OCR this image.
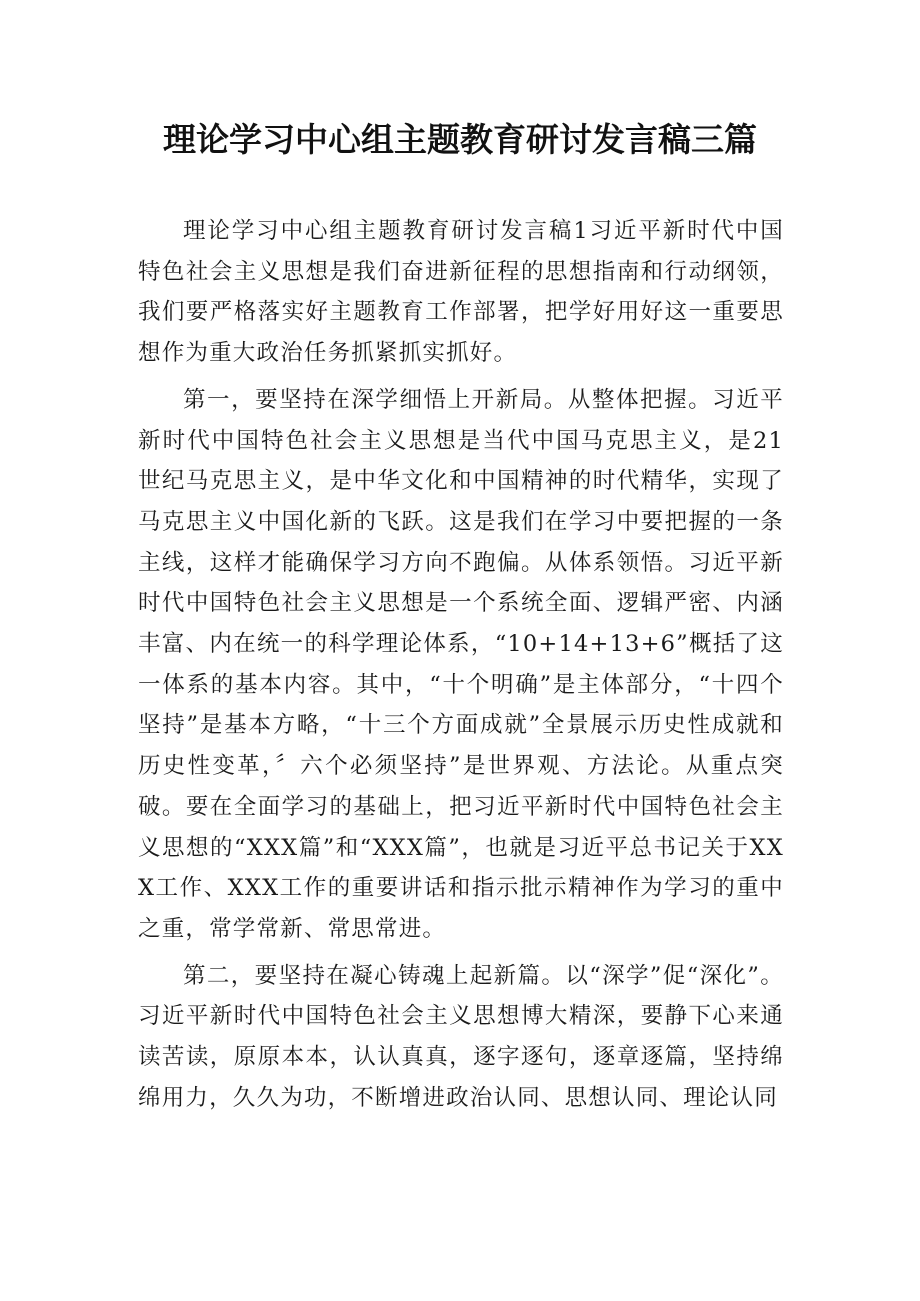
理论学习中心组主题教育研讨发言稿三篇

理论学习中心组主题教育研讨发言稿1习近平新时代中国特色社会主义思想是我们奋进新征程的思想指南和行动纲领，我们要严格落实好主题教育工作部署，把学好用好这一重要思想作为重大政治任务抓紧抓实抓好。

第一，要坚持在深学细悟上开新局。从整体把握。习近平新时代中国特色社会主义思想是当代中国马克思主义，是21世纪马克思主义，是中华文化和中国精神的时代精华，实现了马克思主义中国化新的飞跃。这是我们在学习中要把握的一条主线，这样才能确保学习方向不跑偏。从体系领悟。习近平新时代中国特色社会主义思想是一个系统全面、逻辑严密、内涵丰富、内在统一的科学理论体系，“10+14+13+6”概括了这一体系的基本内容。其中，“十个明确”是主体部分，“十四个坚持”是基本方略，“十三个方面成就”全景展示历史性成就和历史性变革，〞六个必须坚持”是世界观、方法论。从重点突破。要在全面学习的基础上，把习近平新时代中国特色社会主义思想的“XXX篇”和“XXX篇”，也就是习近平总书记关于XXX工作、XXX工作的重要讲话和指示批示精神作为学习的重中之重，常学常新、常思常进。

第二，要坚持在凝心铸魂上起新篇。以“深学”促“深化”。习近平新时代中国特色社会主义思想博大精深，要静下心来通读苦读，原原本本，认认真真，逐字逐句，逐章逐篇，坚持绵绵用力，久久为功，不断增进政治认同、思想认同、理论认同
